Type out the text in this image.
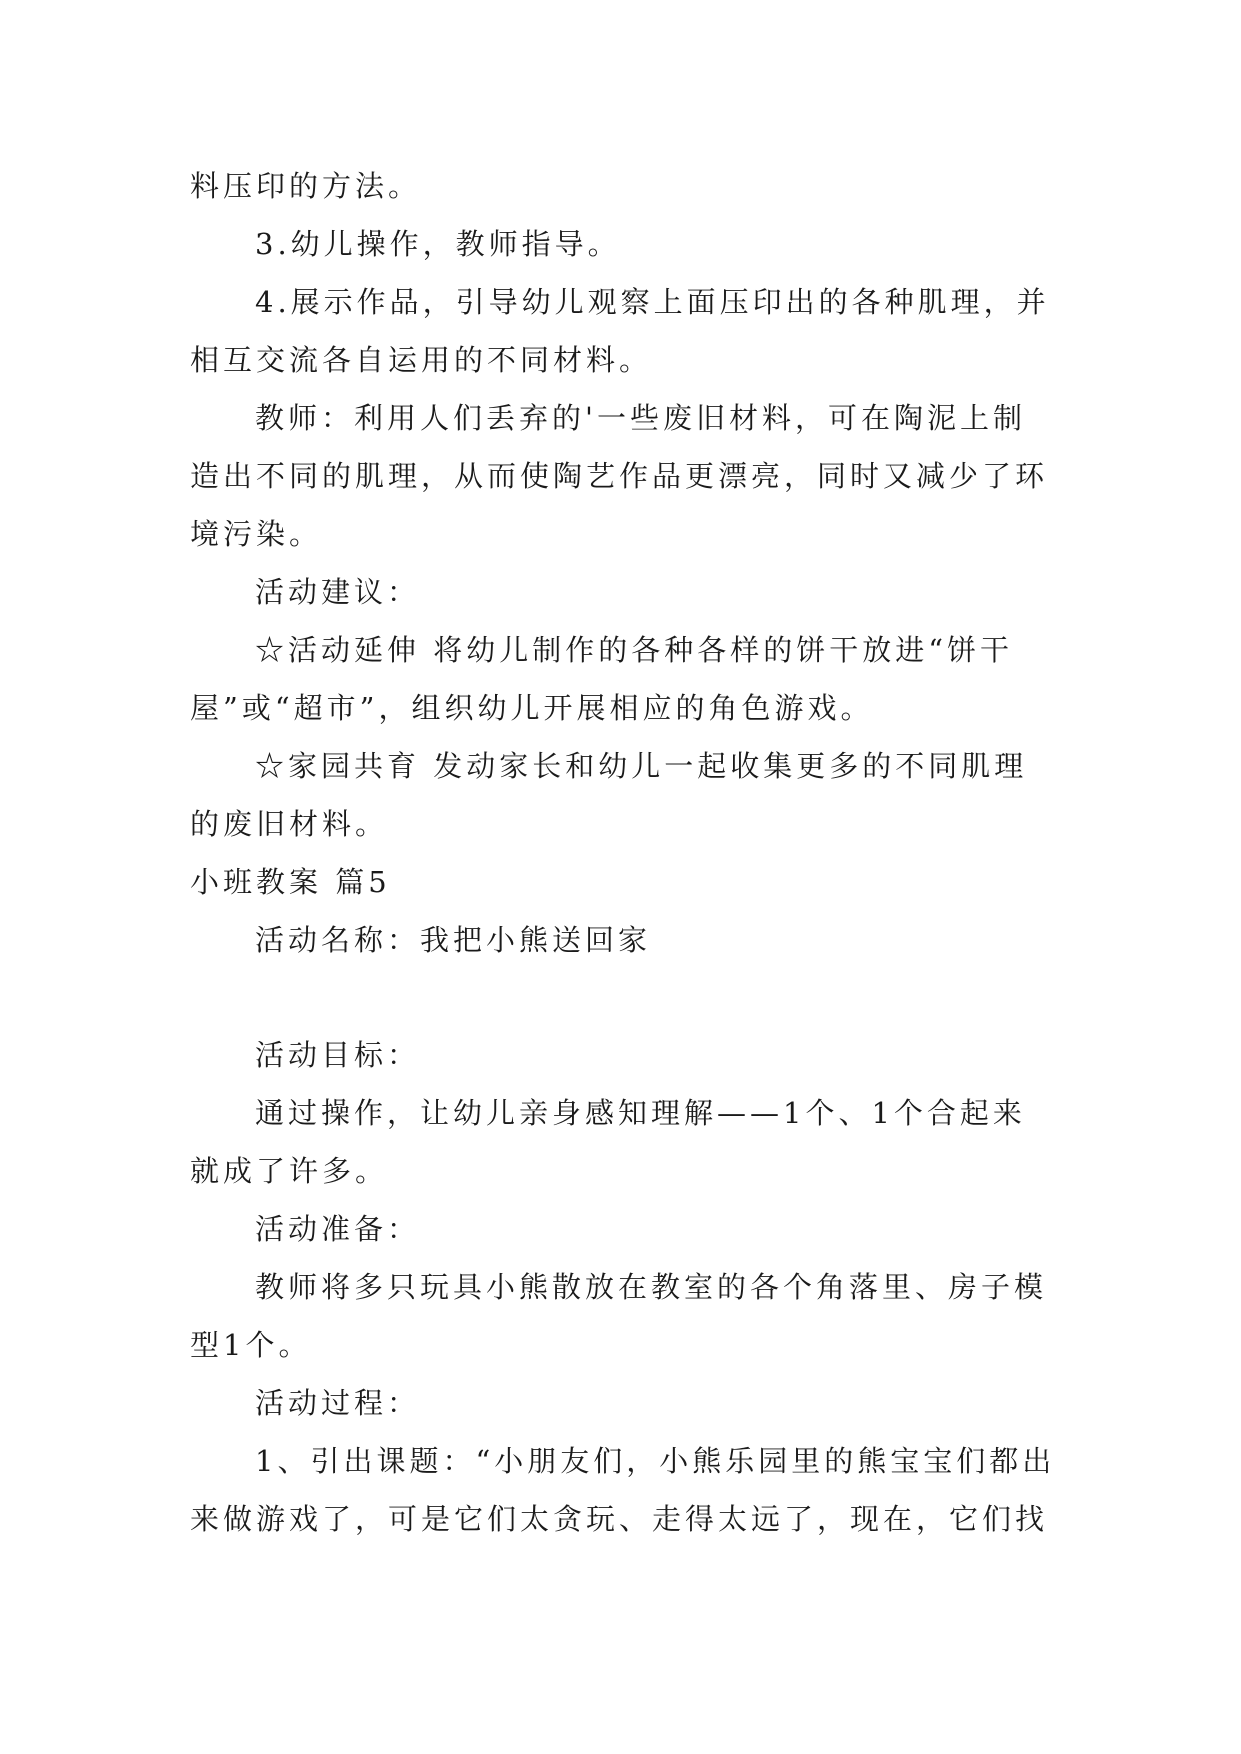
料压印的方法。
3.幼儿操作，教师指导。
4.展示作品，引导幼儿观察上面压印出的各种肌理，并
相互交流各自运用的不同材料。
教师：利用人们丢弃的'一些废旧材料，可在陶泥上制
造出不同的肌理，从而使陶艺作品更漂亮，同时又减少了环
境污染。
活动建议：
☆活动延伸 将幼儿制作的各种各样的饼干放进“饼干
屋”或“超市”，组织幼儿开展相应的角色游戏。
☆家园共育 发动家长和幼儿一起收集更多的不同肌理
的废旧材料。
小班教案 篇5
活动名称：我把小熊送回家
活动目标：
通过操作，让幼儿亲身感知理解——1个、1个合起来
就成了许多。
活动准备：
教师将多只玩具小熊散放在教室的各个角落里、房子模
型1个。
活动过程：
1、引出课题：“小朋友们，小熊乐园里的熊宝宝们都出
来做游戏了，可是它们太贪玩、走得太远了，现在，它们找
